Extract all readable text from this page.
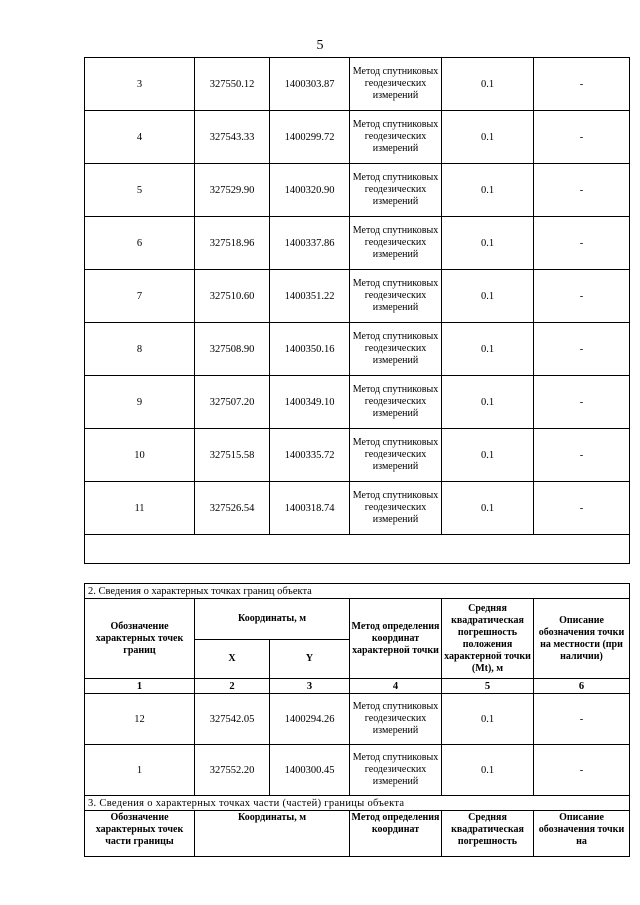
5
3	327550.12	1400303.87	Метод спутниковых геодезических измерений	0.1	-
4	327543.33	1400299.72	Метод спутниковых геодезических измерений	0.1	-
5	327529.90	1400320.90	Метод спутниковых геодезических измерений	0.1	-
6	327518.96	1400337.86	Метод спутниковых геодезических измерений	0.1	-
7	327510.60	1400351.22	Метод спутниковых геодезических измерений	0.1	-
8	327508.90	1400350.16	Метод спутниковых геодезических измерений	0.1	-
9	327507.20	1400349.10	Метод спутниковых геодезических измерений	0.1	-
10	327515.58	1400335.72	Метод спутниковых геодезических измерений	0.1	-
11	327526.54	1400318.74	Метод спутниковых геодезических измерений	0.1	-

2. Сведения о характерных точках границ объекта					
Обозначение характерных точек границ	Координаты, м		Метод определения координат характерной точки	Средняя квадратическая погрешность положения характерной точки (Mt), м	Описание обозначения точки на местности (при наличии)
	X	Y			
1	2	3	4	5	6
12	327542.05	1400294.26	Метод спутниковых геодезических измерений	0.1	-
1	327552.20	1400300.45	Метод спутниковых геодезических измерений	0.1	-
3. Сведения о характерных точках части (частей) границы объекта					
Обозначение характерных точек части границы	Координаты, м		Метод определения координат	Средняя квадратическая погрешность	Описание обозначения точки на
